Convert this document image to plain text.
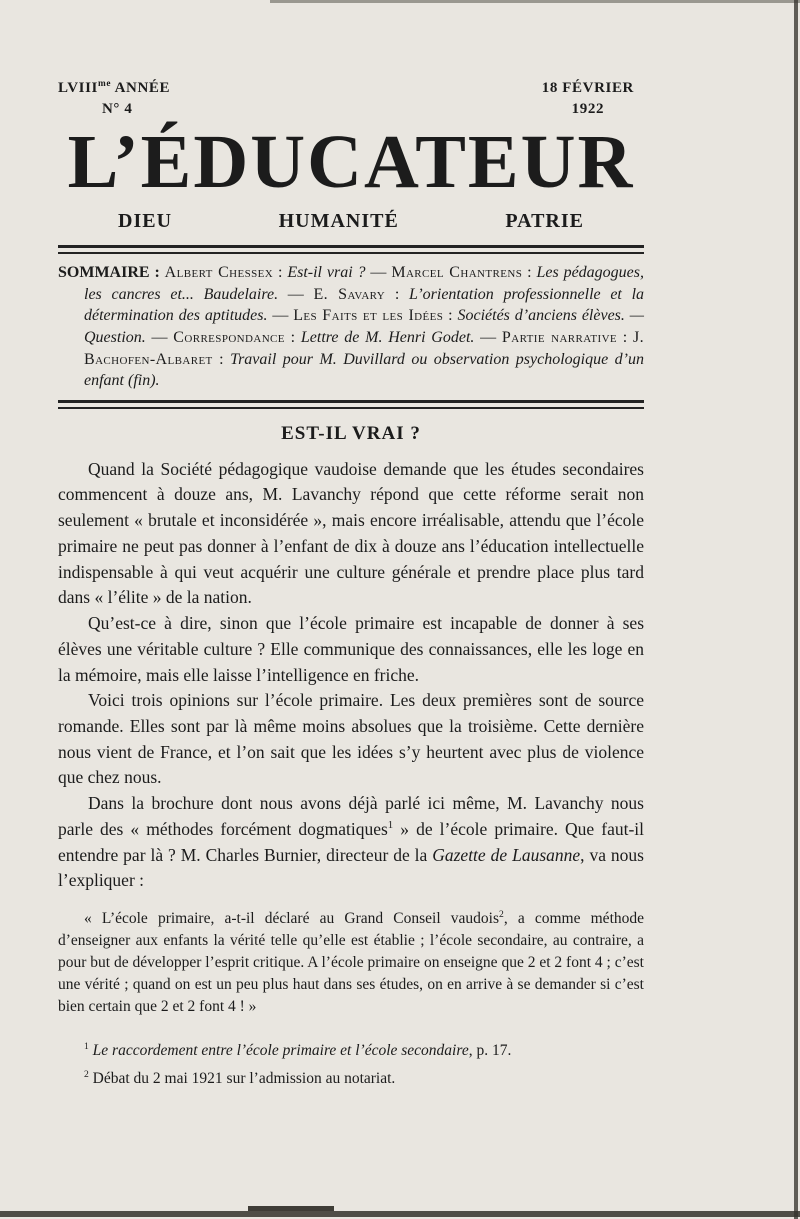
$LVIII^{me}$ ANNÉE
N° 4
18 FÉVRIER
1922
L’ÉDUCATEUR
DIEU	HUMANITÉ	PATRIE
SOMMAIRE : Albert Chessex : Est-il vrai ? — Marcel Chantrens : Les pédagogues, les cancres et... Baudelaire. — E. Savary : L’orientation professionnelle et la détermination des aptitudes. — Les Faits et les Idées : Sociétés d’anciens élèves. — Question. — Correspondance : Lettre de M. Henri Godet. — Partie narrative : J. Bachofen-Albaret : Travail pour M. Duvillard ou observation psychologique d’un enfant (fin).
EST-IL VRAI ?

Quand la Société pédagogique vaudoise demande que les études secondaires commencent à douze ans, M. Lavanchy répond que cette réforme serait non seulement « brutale et inconsidérée », mais encore irréalisable, attendu que l’école primaire ne peut pas donner à l’enfant de dix à douze ans l’éducation intellectuelle indispensable à qui veut acquérir une culture générale et prendre place plus tard dans « l’élite » de la nation.

Qu’est-ce à dire, sinon que l’école primaire est incapable de donner à ses élèves une véritable culture ? Elle communique des connaissances, elle les loge en la mémoire, mais elle laisse l’intelligence en friche.

Voici trois opinions sur l’école primaire. Les deux premières sont de source romande. Elles sont par là même moins absolues que la troisième. Cette dernière nous vient de France, et l’on sait que les idées s’y heurtent avec plus de violence que chez nous.

Dans la brochure dont nous avons déjà parlé ici même, M. Lavanchy nous parle des « méthodes forcément dogmatiques$^1$ » de l’école primaire. Que faut-il entendre par là ? M. Charles Burnier, directeur de la Gazette de Lausanne, va nous l’expliquer :

« L’école primaire, a-t-il déclaré au Grand Conseil vaudois$^2$, a comme méthode d’enseigner aux enfants la vérité telle qu’elle est établie ; l’école secondaire, au contraire, a pour but de développer l’esprit critique. A l’école primaire on enseigne que 2 et 2 font 4 ; c’est une vérité ; quand on est un peu plus haut dans ses études, on en arrive à se demander si c’est bien certain que 2 et 2 font 4 ! »

$^1$ Le raccordement entre l’école primaire et l’école secondaire, p. 17.

$^2$ Débat du 2 mai 1921 sur l’admission au notariat.
